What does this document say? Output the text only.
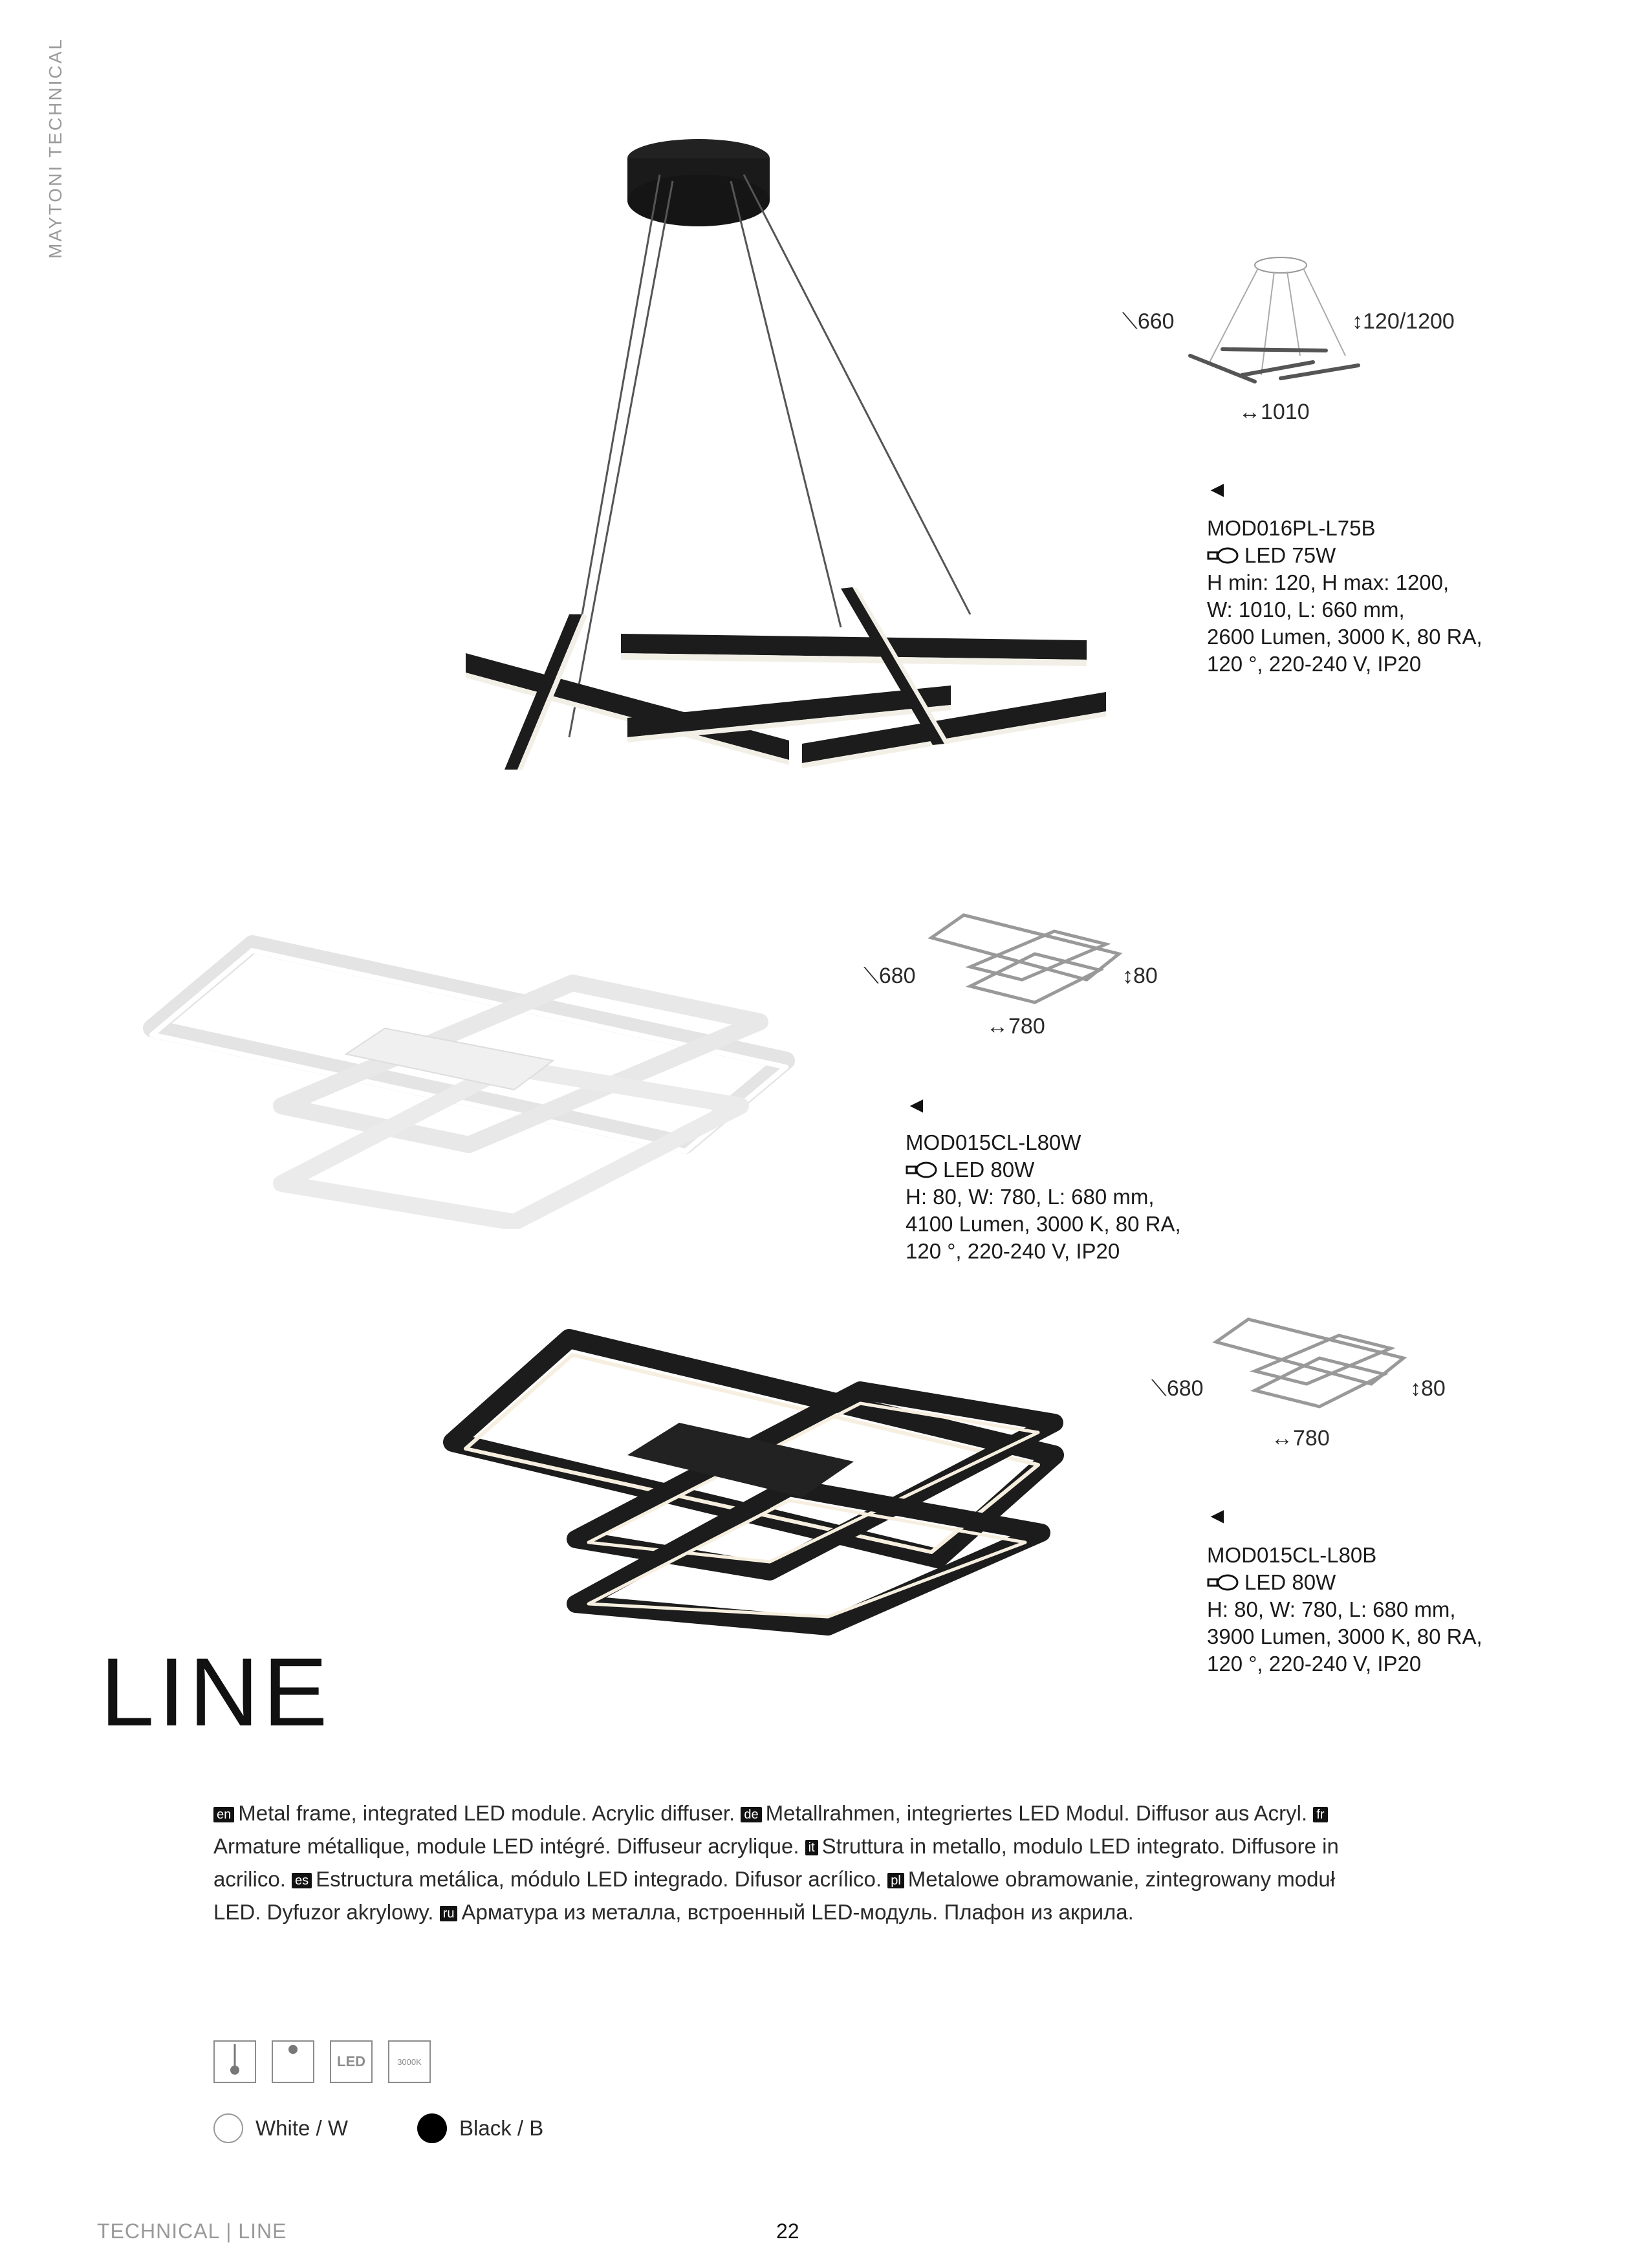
MAYTONI TECHNICAL
⟍660	↕120/1200
↔1010
◄
MOD016PL-L75B
LED 75W
H min: 120, H max: 1200,
W: 1010, L: 660 mm,
2600 Lumen, 3000 K, 80 RA,
120 °, 220-240 V, IP20
⟍680	↕80
↔780
◄
MOD015CL-L80W
LED 80W
H: 80, W: 780, L: 680 mm,
4100 Lumen, 3000 K, 80 RA,
120 °, 220-240 V, IP20
⟍680	↕80
↔780
◄
MOD015CL-L80B
LED 80W
H: 80, W: 780, L: 680 mm,
3900 Lumen, 3000 K, 80 RA,
120 °, 220-240 V, IP20
LINE
en Metal frame, integrated LED module. Acrylic diffuser. de Metallrahmen, integriertes LED Modul. Diffusor aus Acryl. frArmature métallique, module LED intégré. Diffuseur acrylique. it Struttura in metallo, modulo LED integrato. Diffusore in acrilico. es Estructura metálica, módulo LED integrado. Difusor acrílico. pl Metalowe obramowanie, zintegrowany moduł LED. Dyfuzor akrylowy. ru Арматура из металла, встроенный LED-модуль. Плафон из акрила.
LED	3000K
White / W	Black / B
TECHNICAL | LINE	22
